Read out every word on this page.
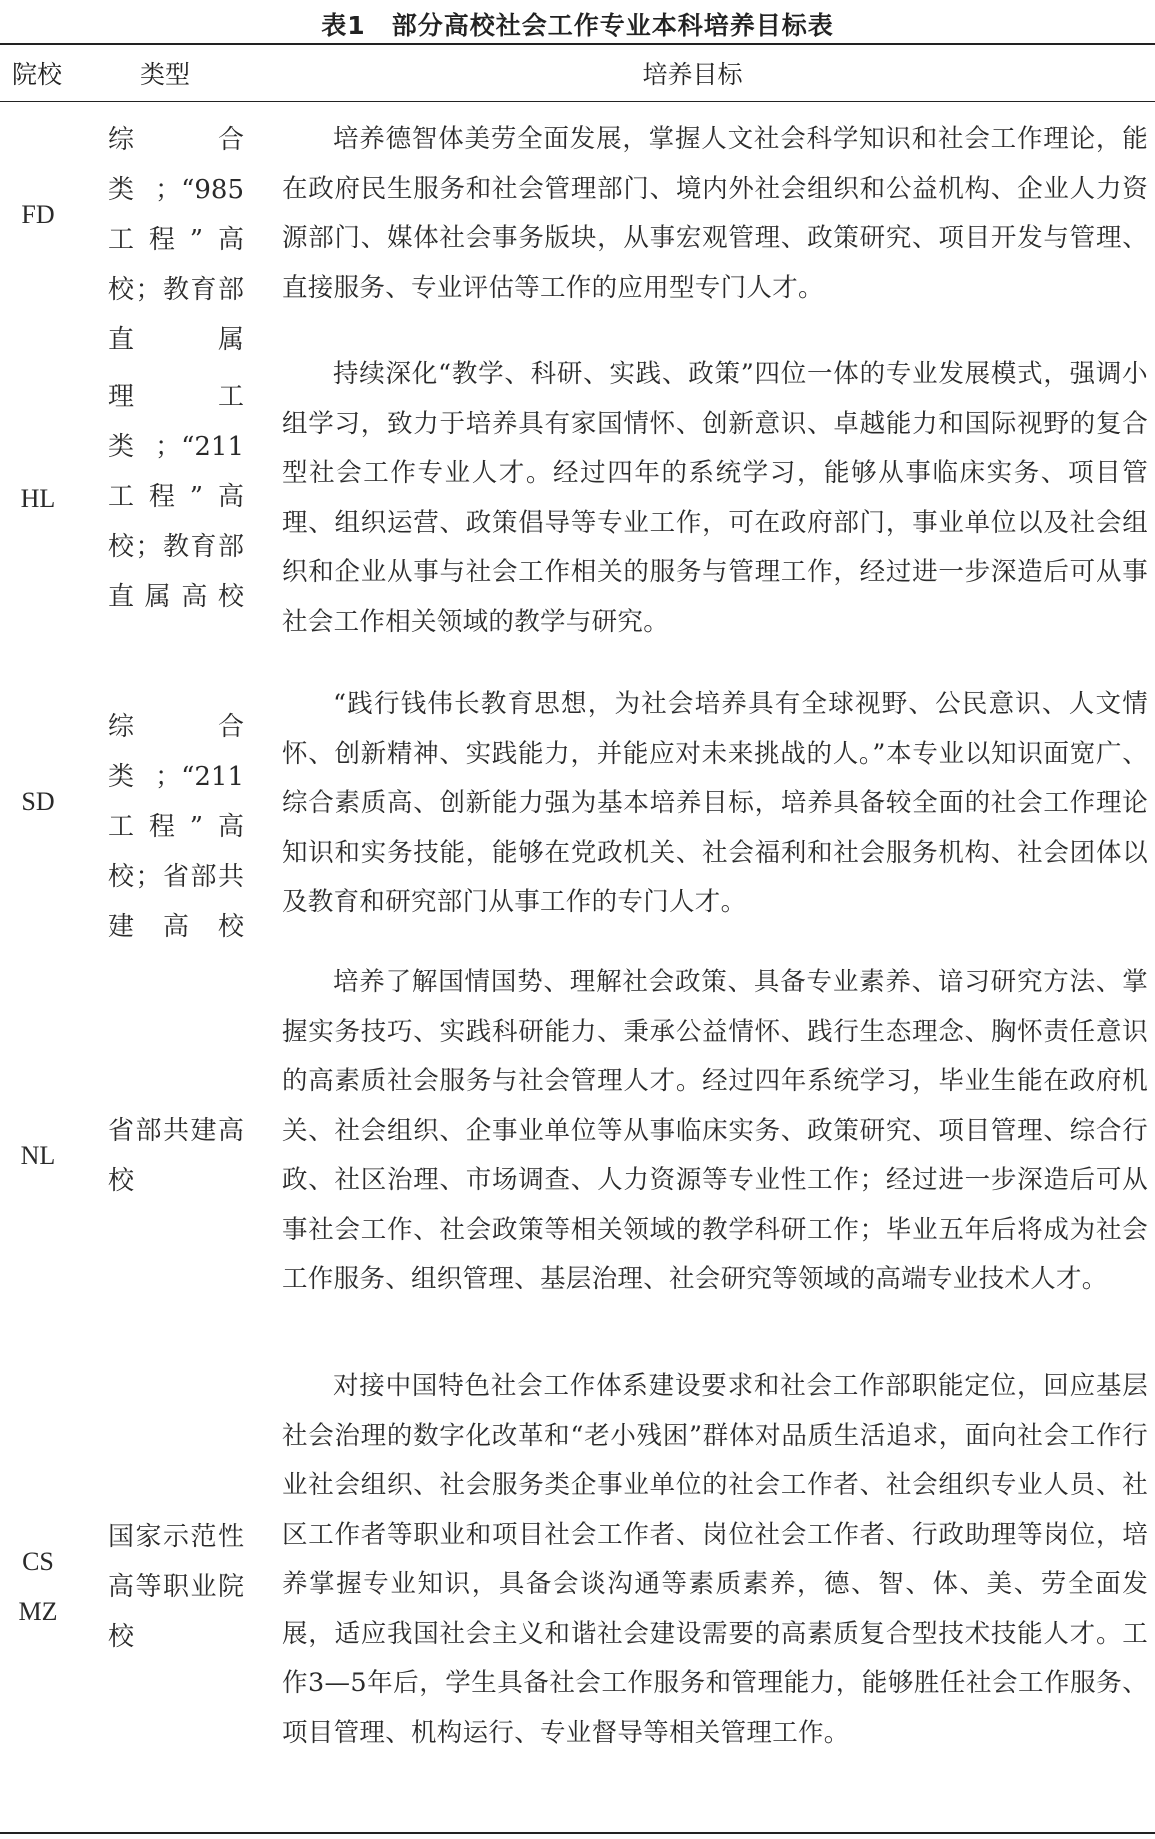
表1　部分高校社会工作专业本科培养目标表
院校	类型	培养目标
FD
综合类；“985工程”高校；教育部直属
培养德智体美劳全面发展，掌握人文社会科学知识和社会工作理论，能在政府民生服务和社会管理部门、境内外社会组织和公益机构、企业人力资源部门、媒体社会事务版块，从事宏观管理、政策研究、项目开发与管理、直接服务、专业评估等工作的应用型专门人才。
HL
理工类；“211工程”高校；教育部直属高校
持续深化“教学、科研、实践、政策”四位一体的专业发展模式，强调小组学习，致力于培养具有家国情怀、创新意识、卓越能力和国际视野的复合型社会工作专业人才。经过四年的系统学习，能够从事临床实务、项目管理、组织运营、政策倡导等专业工作，可在政府部门，事业单位以及社会组织和企业从事与社会工作相关的服务与管理工作，经过进一步深造后可从事社会工作相关领域的教学与研究。
SD
综合类；“211工程”高校；省部共建高校
“践行钱伟长教育思想，为社会培养具有全球视野、公民意识、人文情怀、创新精神、实践能力，并能应对未来挑战的人。”本专业以知识面宽广、综合素质高、创新能力强为基本培养目标，培养具备较全面的社会工作理论知识和实务技能，能够在党政机关、社会福利和社会服务机构、社会团体以及教育和研究部门从事工作的专门人才。
NL
省部共建高校
培养了解国情国势、理解社会政策、具备专业素养、谙习研究方法、掌握实务技巧、实践科研能力、秉承公益情怀、践行生态理念、胸怀责任意识的高素质社会服务与社会管理人才。经过四年系统学习，毕业生能在政府机关、社会组织、企事业单位等从事临床实务、政策研究、项目管理、综合行政、社区治理、市场调查、人力资源等专业性工作；经过进一步深造后可从事社会工作、社会政策等相关领域的教学科研工作；毕业五年后将成为社会工作服务、组织管理、基层治理、社会研究等领域的高端专业技术人才。
CS MZ
国家示范性高等职业院校
对接中国特色社会工作体系建设要求和社会工作部职能定位，回应基层社会治理的数字化改革和“老小残困”群体对品质生活追求，面向社会工作行业社会组织、社会服务类企事业单位的社会工作者、社会组织专业人员、社区工作者等职业和项目社会工作者、岗位社会工作者、行政助理等岗位，培养掌握专业知识，具备会谈沟通等素质素养，德、智、体、美、劳全面发展，适应我国社会主义和谐社会建设需要的高素质复合型技术技能人才。工作3—5年后，学生具备社会工作服务和管理能力，能够胜任社会工作服务、项目管理、机构运行、专业督导等相关管理工作。
